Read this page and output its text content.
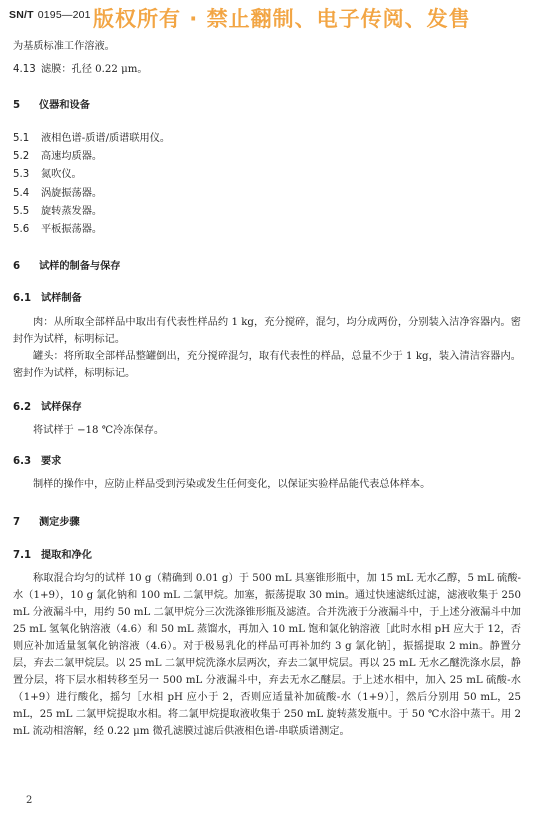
SN/T 0195—201 版权所有 · 禁止翻制、电子传阅、发售
为基质标准工作溶液。
4.13 滤膜：孔径 0.22 μm。
5 仪器和设备
5.1 液相色谱-质谱/质谱联用仪。
5.2 高速均质器。
5.3 氮吹仪。
5.4 涡旋振荡器。
5.5 旋转蒸发器。
5.6 平板振荡器。
6 试样的制备与保存
6.1 试样制备

肉：从所取全部样品中取出有代表性样品约 1 kg，充分搅碎，混匀，均分成两份，分别装入洁净容器内。密封作为试样，标明标记。

罐头：将所取全部样品整罐倒出，充分搅碎混匀，取有代表性的样品，总量不少于 1 kg，装入清洁容器内。密封作为试样，标明标记。

6.2 试样保存

将试样于 −18 ℃冷冻保存。

6.3 要求

制样的操作中，应防止样品受到污染或发生任何变化，以保证实验样品能代表总体样本。

7 测定步骤
7.1 提取和净化

称取混合均匀的试样 10 g（精确到 0.01 g）于 500 mL 具塞锥形瓶中，加 15 mL 无水乙醇，5 mL 硫酸-水（1+9），10 g 氯化钠和 100 mL 二氯甲烷。加塞，振荡提取 30 min。通过快速滤纸过滤，滤液收集于 250 mL 分液漏斗中，用约 50 mL 二氯甲烷分三次洗涤锥形瓶及滤渣。合并洗液于分液漏斗中，于上述分液漏斗中加 25 mL 氢氧化钠溶液（4.6）和 50 mL 蒸馏水，再加入 10 mL 饱和氯化钠溶液［此时水相 pH 应大于 12，否则应补加适量氢氧化钠溶液（4.6）。对于极易乳化的样品可再补加约 3 g 氯化钠］，振摇提取 2 min。静置分层，弃去二氯甲烷层。以 25 mL 二氯甲烷洗涤水层两次，弃去二氯甲烷层。再以 25 mL 无水乙醚洗涤水层，静置分层，将下层水相转移至另一 500 mL 分液漏斗中，弃去无水乙醚层。于上述水相中，加入 25 mL 硫酸-水（1+9）进行酸化，摇匀［水相 pH 应小于 2，否则应适量补加硫酸-水（1+9）］，然后分别用 50 mL，25 mL，25 mL 二氯甲烷提取水相。将二氯甲烷提取液收集于 250 mL 旋转蒸发瓶中。于 50 ℃水浴中蒸干。用 2 mL 流动相溶解，经 0.22 μm 微孔滤膜过滤后供液相色谱-串联质谱测定。

2
